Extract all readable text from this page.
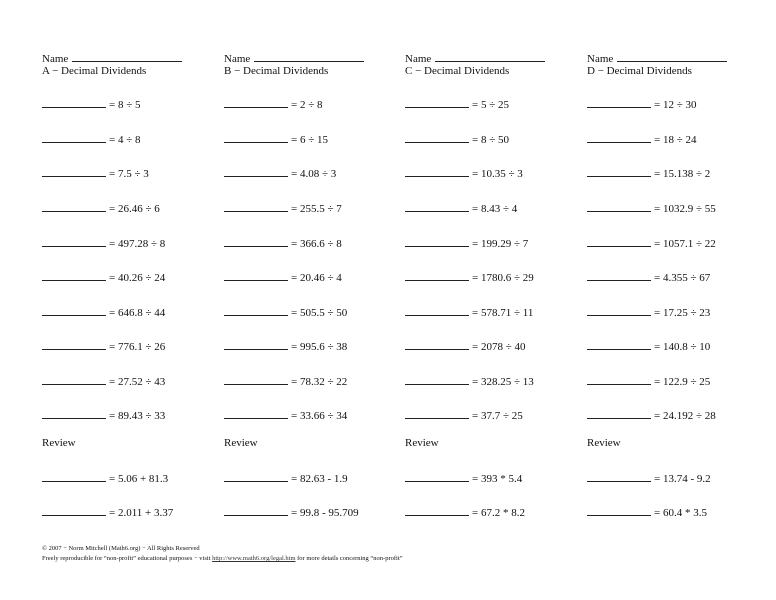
Name
A − Decimal Dividends
= 8 ÷ 5
= 4 ÷ 8
= 7.5 ÷ 3
= 26.46 ÷ 6
= 497.28 ÷ 8
= 40.26 ÷ 24
= 646.8 ÷ 44
= 776.1 ÷ 26
= 27.52 ÷ 43
= 89.43 ÷ 33
Review
= 5.06 + 81.3
= 2.011 + 3.37
Name
B − Decimal Dividends
= 2 ÷ 8
= 6 ÷ 15
= 4.08 ÷ 3
= 255.5 ÷ 7
= 366.6 ÷ 8
= 20.46 ÷ 4
= 505.5 ÷ 50
= 995.6 ÷ 38
= 78.32 ÷ 22
= 33.66 ÷ 34
Review
= 82.63 - 1.9
= 99.8 - 95.709
Name
C − Decimal Dividends
= 5 ÷ 25
= 8 ÷ 50
= 10.35 ÷ 3
= 8.43 ÷ 4
= 199.29 ÷ 7
= 1780.6 ÷ 29
= 578.71 ÷ 11
= 2078 ÷ 40
= 328.25 ÷ 13
= 37.7 ÷ 25
Review
= 393 * 5.4
= 67.2 * 8.2
Name
D − Decimal Dividends
= 12 ÷ 30
= 18 ÷ 24
= 15.138 ÷ 2
= 1032.9 ÷ 55
= 1057.1 ÷ 22
= 4.355 ÷ 67
= 17.25 ÷ 23
= 140.8 ÷ 10
= 122.9 ÷ 25
= 24.192 ÷ 28
Review
= 13.74 - 9.2
= 60.4 * 3.5
© 2007 − Norm Mitchell (Math6.org) − All Rights Reserved
Freely reproducible for “non-profit” educational purposes − visit http://www.math6.org/legal.htm for more details concerning “non-profit”
